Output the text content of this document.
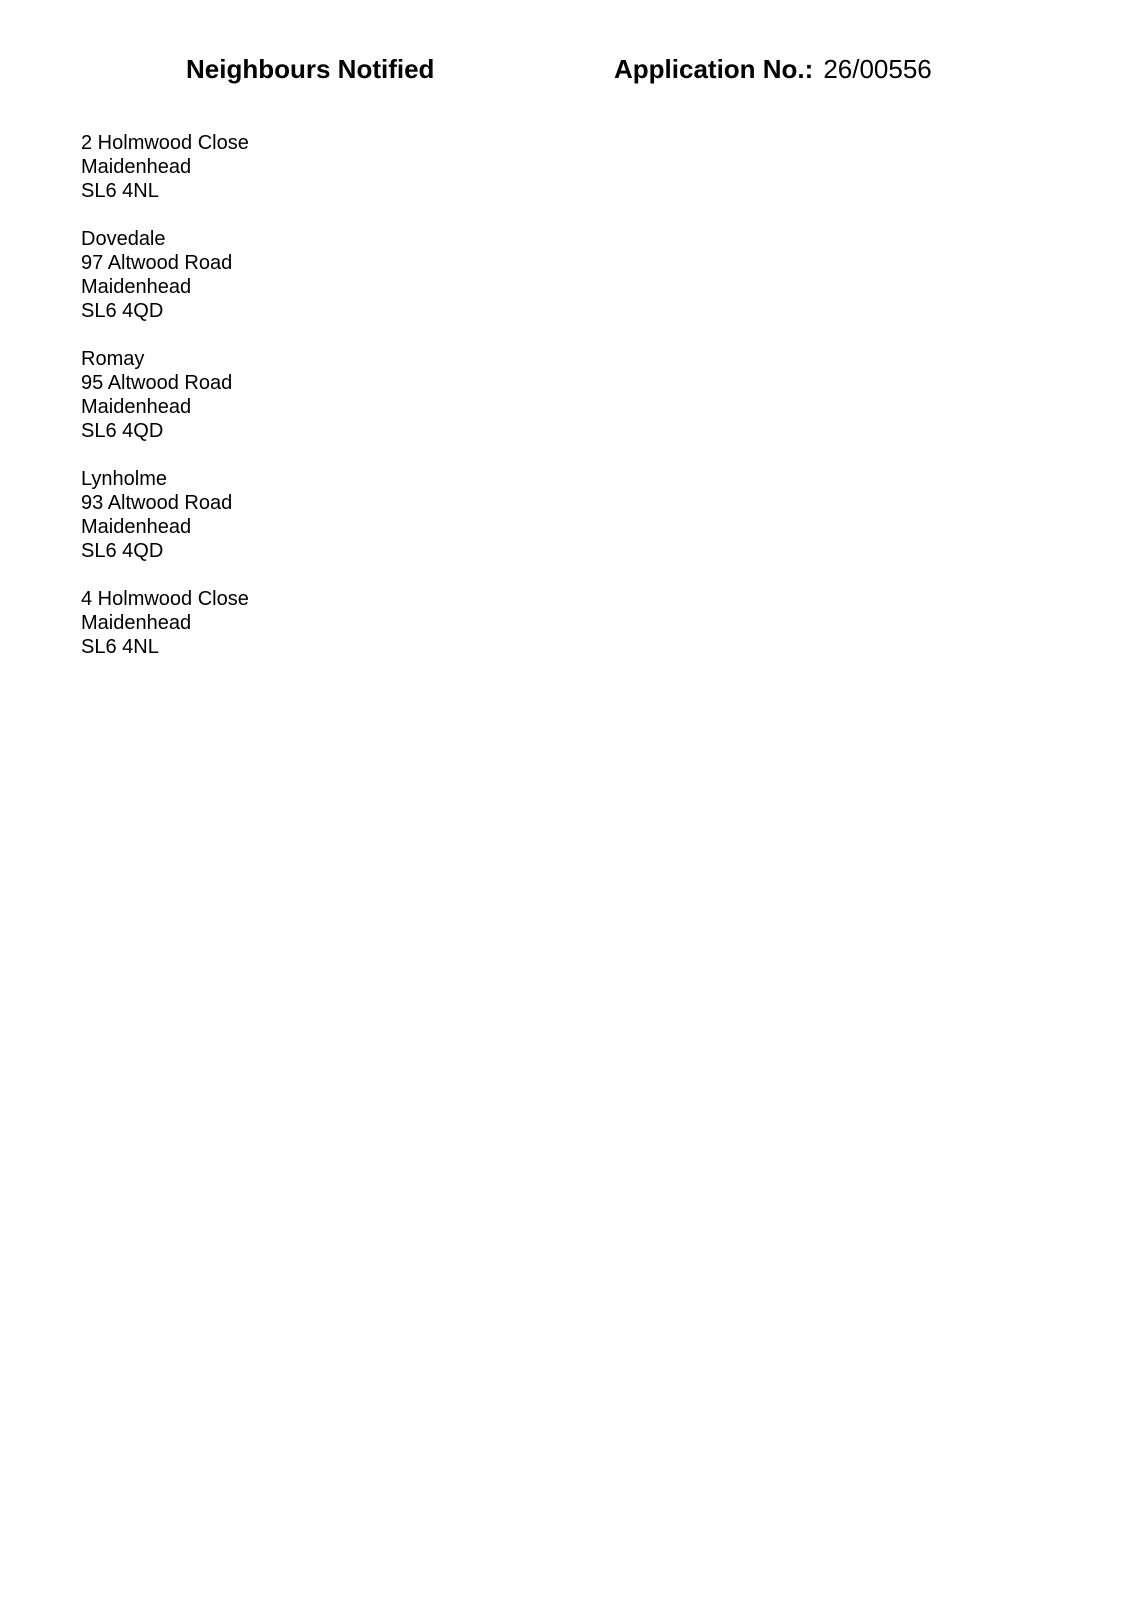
Neighbours Notified	Application No.: 26/00556
2 Holmwood Close
Maidenhead
SL6 4NL
Dovedale
97 Altwood Road
Maidenhead
SL6 4QD
Romay
95 Altwood Road
Maidenhead
SL6 4QD
Lynholme
93 Altwood Road
Maidenhead
SL6 4QD
4 Holmwood Close
Maidenhead
SL6 4NL
